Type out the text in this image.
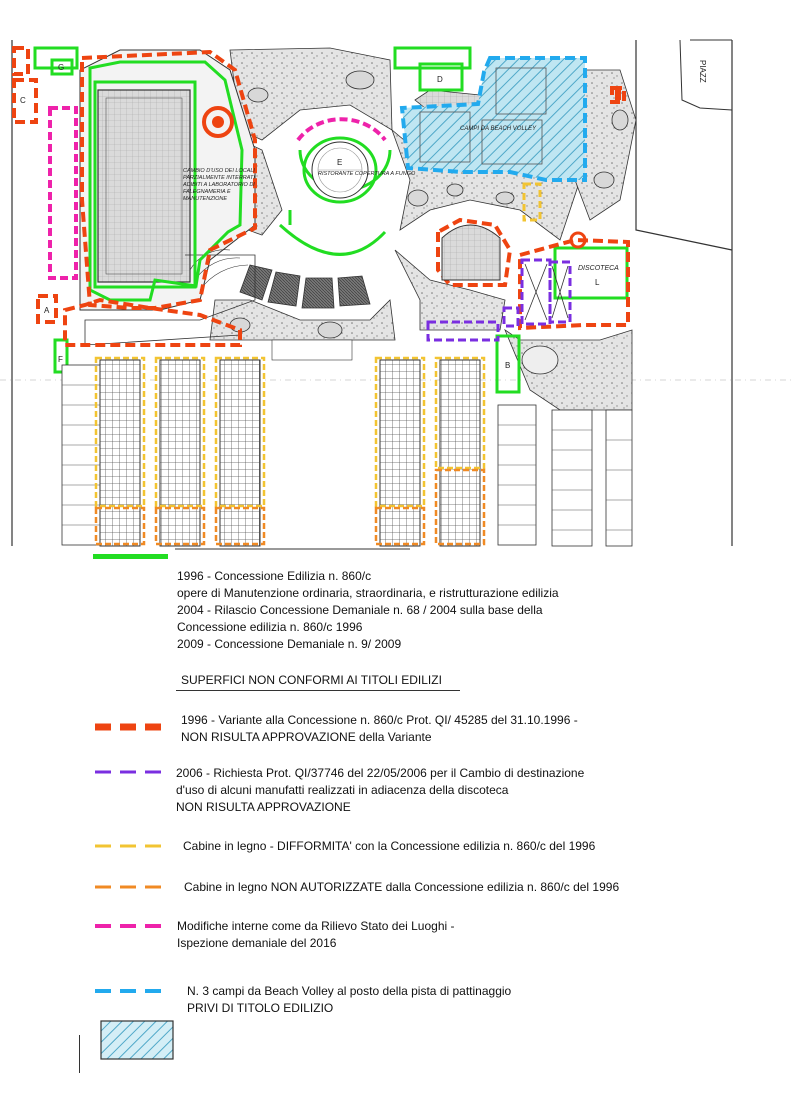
A
B
C
D
E
F
G
L
PIAZZ
DISCOTECA
CAMPI DA BEACH VOLLEY
RISTORANTE COPERTURA A FUNGO
CAMBIO D'USO DEI LOCALI PARZIALMENTE INTERRATI ADIBITI A LABORATORIO DI FALEGNAMERIA E MANUTENZIONE
1996 - Concessione Edilizia n. 860/c
opere di Manutenzione ordinaria, straordinaria, e ristrutturazione edilizia
2004 - Rilascio Concessione Demaniale n. 68 / 2004 sulla base della
Concessione edilizia n. 860/c 1996
2009 - Concessione Demaniale n. 9/ 2009
SUPERFICI NON CONFORMI AI TITOLI EDILIZI
1996 - Variante alla Concessione n. 860/c Prot. QI/ 45285 del 31.10.1996 -
NON RISULTA APPROVAZIONE della Variante
2006 - Richiesta Prot. QI/37746 del 22/05/2006 per il Cambio di destinazione
d'uso di alcuni manufatti realizzati in adiacenza della discoteca
NON RISULTA APPROVAZIONE
Cabine in legno - DIFFORMITA' con la Concessione edilizia n. 860/c del 1996
Cabine in legno NON AUTORIZZATE dalla Concessione edilizia n. 860/c del 1996
Modifiche interne come da Rilievo Stato dei Luoghi -
Ispezione demaniale del 2016
N. 3 campi da Beach Volley al posto della pista di pattinaggio
PRIVI DI TITOLO EDILIZIO
